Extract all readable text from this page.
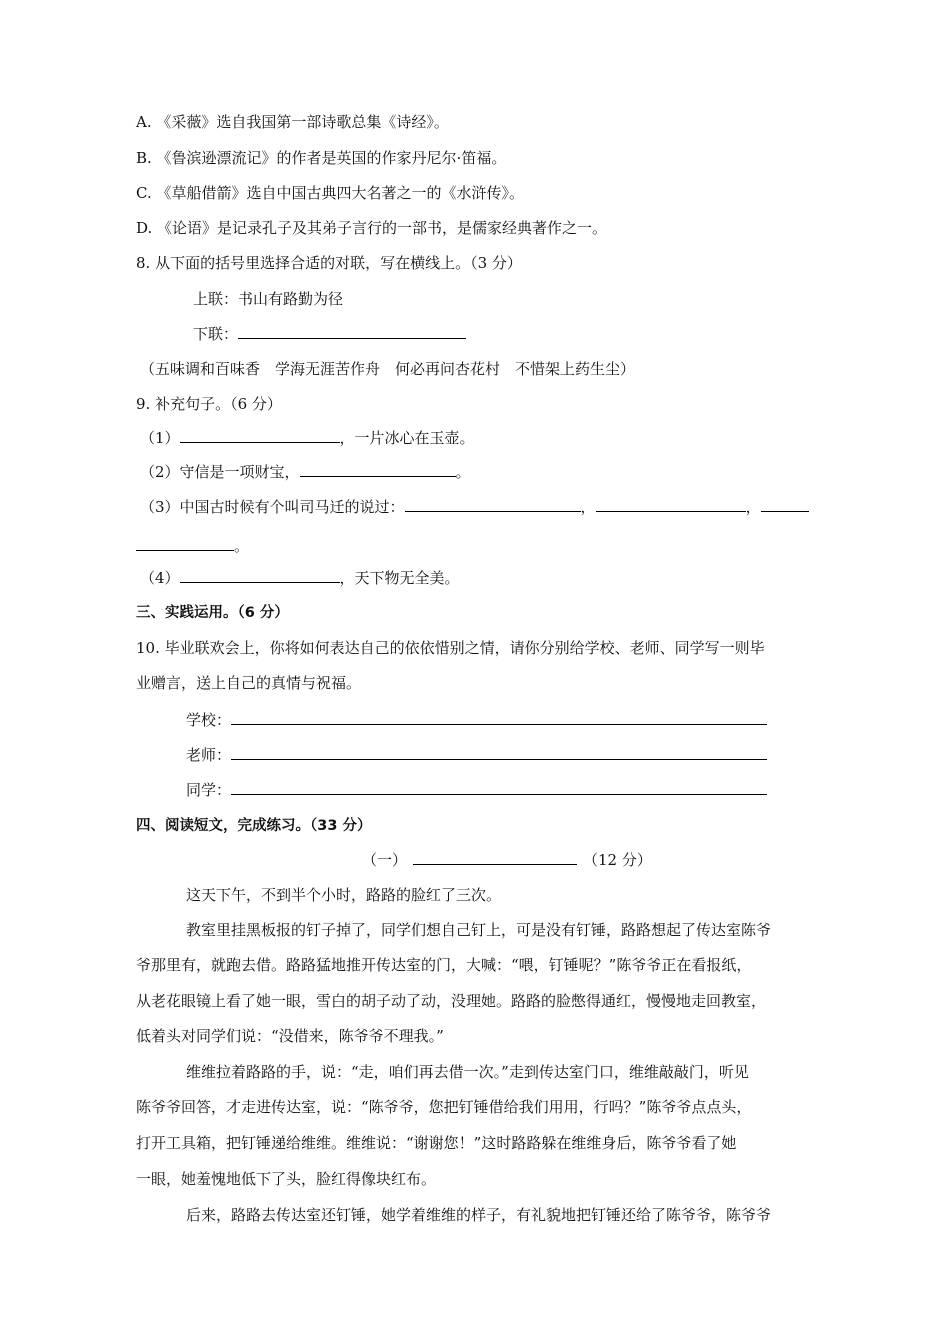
A. 《采薇》选自我国第一部诗歌总集《诗经》。
B. 《鲁滨逊漂流记》的作者是英国的作家丹尼尔·笛福。
C. 《草船借箭》选自中国古典四大名著之一的《水浒传》。
D. 《论语》是记录孔子及其弟子言行的一部书，是儒家经典著作之一。
8. 从下面的括号里选择合适的对联，写在横线上。（3 分）
上联：书山有路勤为径
下联：
（五味调和百味香　学海无涯苦作舟　何必再问杏花村　不惜架上药生尘）
9. 补充句子。（6 分）
（1）	，一片冰心在玉壶。
（2）守信是一项财宝，	。
（3）中国古时候有个叫司马迁的说过：	，	，
。
（4）	，天下物无全美。
三、实践运用。（6 分）
10. 毕业联欢会上，你将如何表达自己的依依惜别之情，请你分别给学校、老师、同学写一则毕
业赠言，送上自己的真情与祝福。
学校：
老师：
同学：
四、阅读短文，完成练习。（33 分）
（一）	（12 分）
这天下午，不到半个小时，路路的脸红了三次。
教室里挂黑板报的钉子掉了，同学们想自己钉上，可是没有钉锤，路路想起了传达室陈爷
爷那里有，就跑去借。路路猛地推开传达室的门，大喊：“喂，钉锤呢？”陈爷爷正在看报纸，
从老花眼镜上看了她一眼，雪白的胡子动了动，没理她。路路的脸憋得通红，慢慢地走回教室，
低着头对同学们说：“没借来，陈爷爷不理我。”
维维拉着路路的手，说：“走，咱们再去借一次。”走到传达室门口，维维敲敲门，听见
陈爷爷回答，才走进传达室，说：“陈爷爷，您把钉锤借给我们用用，行吗？”陈爷爷点点头，
打开工具箱，把钉锤递给维维。维维说：“谢谢您！”这时路路躲在维维身后，陈爷爷看了她
一眼，她羞愧地低下了头，脸红得像块红布。
后来，路路去传达室还钉锤，她学着维维的样子，有礼貌地把钉锤还给了陈爷爷，陈爷爷
